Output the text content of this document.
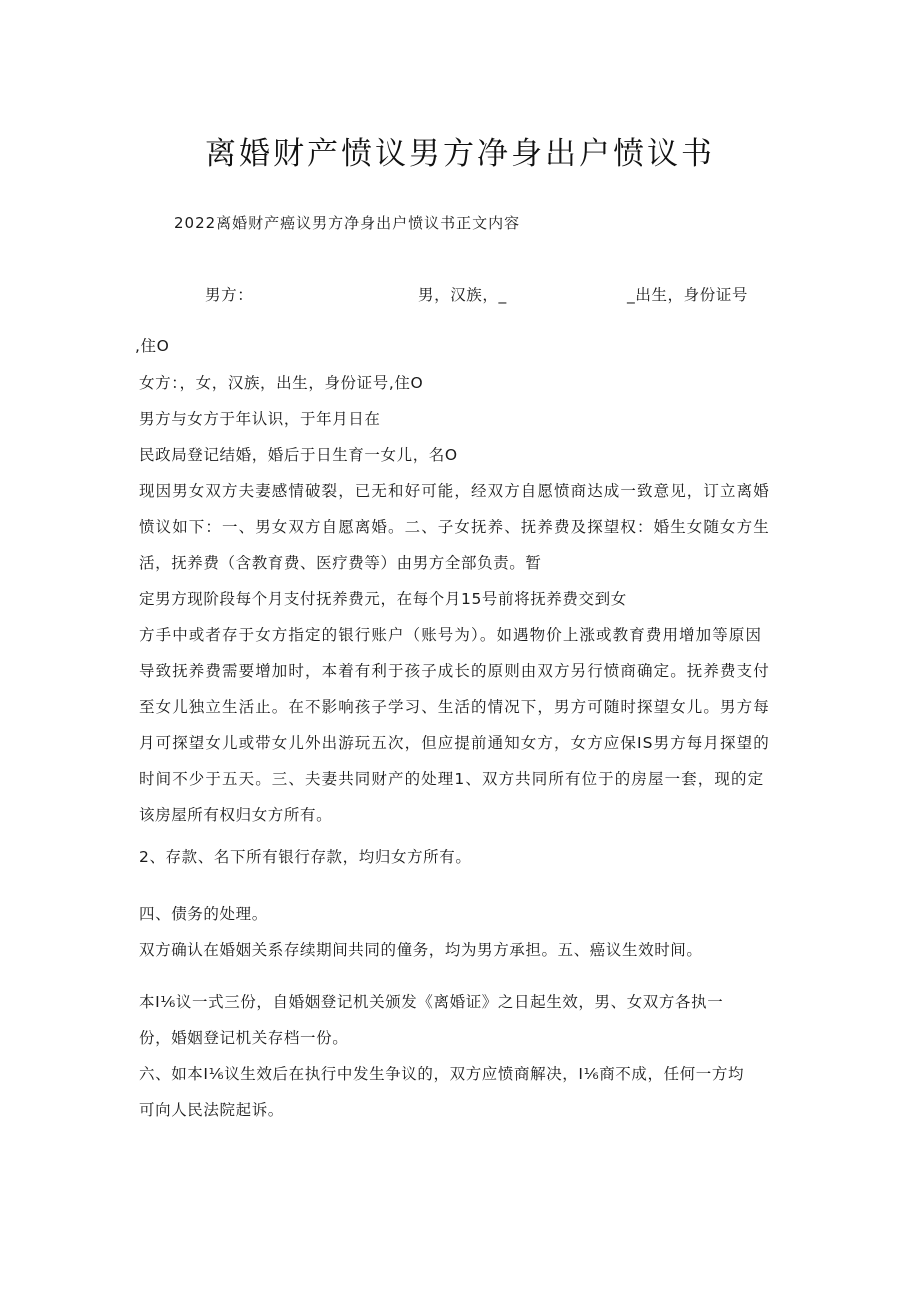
离婚财产愤议男方净身出户愤议书

2022离婚财产癌议男方净身出户愤议书正文内容

男方：	男，汉族，_	_出生，身份证号
,住O
女方：，女，汉族，出生，身份证号,住O
男方与女方于年认识，于年月日在
民政局登记结婚，婚后于日生育一女儿，名O
现因男女双方夫妻感情破裂，已无和好可能，经双方自愿愤商达成一致意见，订立离婚
愤议如下：一、男女双方自愿离婚。二、子女抚养、抚养费及探望权：婚生女随女方生
活，抚养费（含教育费、医疗费等）由男方全部负责。暂
定男方现阶段每个月支付抚养费元，在每个月15号前将抚养费交到女
方手中或者存于女方指定的银行账户（账号为）。如遇物价上涨或教育费用增加等原因
导致抚养费需要增加时，本着有利于孩子成长的原则由双方另行愤商确定。抚养费支付
至女儿独立生活止。在不影响孩子学习、生活的情况下，男方可随时探望女儿。男方每
月可探望女儿或带女儿外出游玩五次，但应提前通知女方，女方应保IS男方每月探望的
时间不少于五天。三、夫妻共同财产的处理1、双方共同所有位于的房屋一套，现的定
该房屋所有权归女方所有。
2、存款、名下所有银行存款，均归女方所有。
四、债务的处理。
双方确认在婚姻关系存续期间共同的僮务，均为男方承担。五、癌议生效时间。
本I⅙议一式三份，自婚姻登记机关颁发《离婚证》之日起生效，男、女双方各执一
份，婚姻登记机关存档一份。
六、如本I⅙议生效后在执行中发生争议的，双方应愤商解决，I⅙商不成，任何一方均
可向人民法院起诉。
